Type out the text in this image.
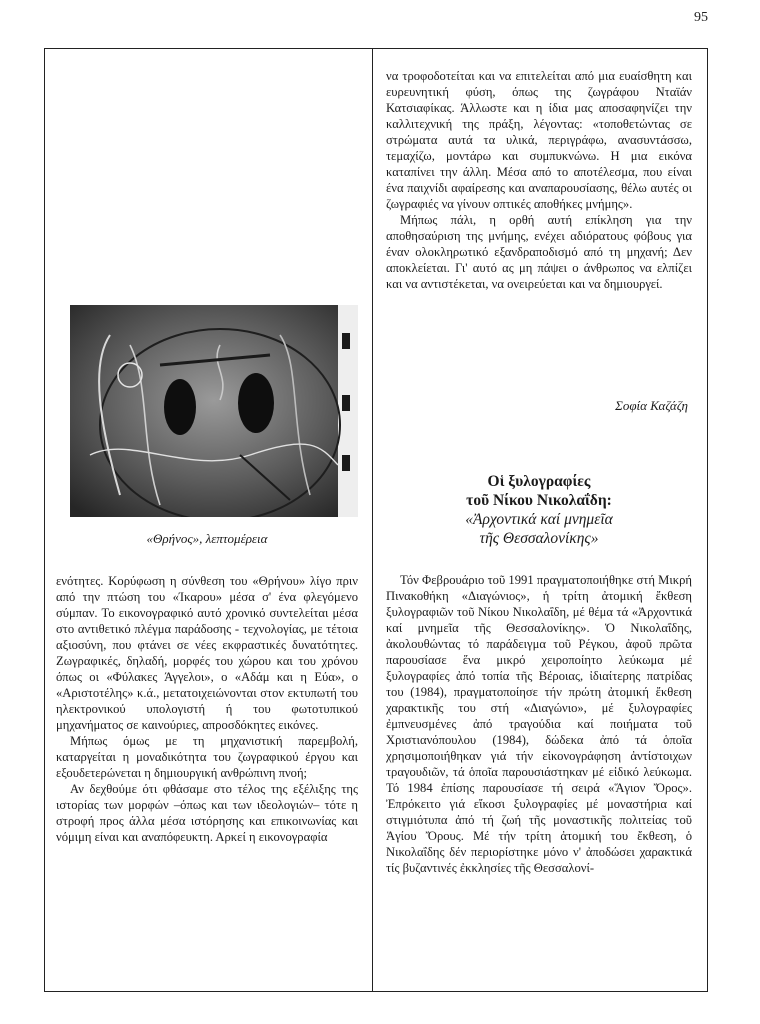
95
«Θρήνος», λεπτομέρεια

ενότητες. Κορύφωση η σύνθεση του «Θρήνου» λίγο πριν από την πτώση του «Ίκαρου» μέσα σ' ένα φλεγόμενο σύμπαν. Το εικονογραφικό αυτό χρονικό συντελείται μέσα στο αντιθετικό πλέγμα παράδοσης - τεχνολογίας, με τέτοια αξιοσύνη, που φτάνει σε νέες εκφραστικές δυνατότητες. Ζωγραφικές, δηλαδή, μορφές του χώρου και του χρόνου όπως οι «Φύλακες Άγγελοι», ο «Αδάμ και η Εύα», ο «Αριστοτέλης» κ.ά., μετατοιχειώνονται στον εκτυπωτή του ηλεκτρονικού υπολογιστή ή του φωτοτυπικού μηχανήματος σε καινούριες, απροσδόκητες εικόνες.

Μήπως όμως με τη μηχανιστική παρεμβολή, καταργείται η μοναδικότητα του ζωγραφικού έργου και εξουδετερώνεται η δημιουργική ανθρώπινη πνοή;

Αν δεχθούμε ότι φθάσαμε στο τέλος της εξέλιξης της ιστορίας των μορφών –όπως και των ιδεολογιών– τότε η στροφή προς άλλα μέσα ιστόρησης και επικοινωνίας και νόμιμη είναι και αναπόφευκτη. Αρκεί η εικονογραφία

να τροφοδοτείται και να επιτελείται από μια ευαίσθητη και ευρευνητική φύση, όπως της ζωγράφου Νταϊάν Κατσιαφίκας. Άλλωστε και η ίδια μας αποσαφηνίζει την καλλιτεχνική της πράξη, λέγοντας: «τοποθετώντας σε στρώματα αυτά τα υλικά, περιγράφω, ανασυντάσσω, τεμαχίζω, μοντάρω και συμπυκνώνω. Η μια εικόνα καταπίνει την άλλη. Μέσα από το αποτέλεσμα, που είναι ένα παιχνίδι αφαίρεσης και αναπαρουσίασης, θέλω αυτές οι ζωγραφιές να γίνουν οπτικές αποθήκες μνήμης».

Μήπως πάλι, η ορθή αυτή επίκληση για την αποθησαύριση της μνήμης, ενέχει αδιόρατους φόβους για έναν ολοκληρωτικό εξανδραποδισμό από τη μηχανή; Δεν αποκλείεται. Γι' αυτό ας μη πάψει ο άνθρωπος να ελπίζει και να αντιστέκεται, να ονειρεύεται και να δημιουργεί.

Σοφία Καζάζη
Οἱ ξυλογραφίες
τοῦ Νίκου Νικολαΐδη:
«Ἀρχοντικά καί μνημεῖα
τῆς Θεσσαλονίκης»

Τόν Φεβρουάριο τοῦ 1991 πραγματοποιήθηκε στή Μικρή Πινακοθήκη «Διαγώνιος», ἡ τρίτη ἀτομική ἔκθεση ξυλογραφιῶν τοῦ Νίκου Νικολαΐδη, μέ θέμα τά «Ἀρχοντικά καί μνημεῖα τῆς Θεσσαλονίκης». Ὁ Νικολαΐδης, ἀκολουθώντας τό παράδειγμα τοῦ Ρέγκου, ἀφοῦ πρῶτα παρουσίασε ἕνα μικρό χειροποίητο λεύκωμα μέ ξυλογραφίες ἀπό τοπία τῆς Βέροιας, ἰδιαίτερης πατρίδας του (1984), πραγματοποίησε τήν πρώτη ἀτομική ἔκθεση χαρακτικῆς του στή «Διαγώνιο», μέ ξυλογραφίες ἐμπνευσμένες ἀπό τραγούδια καί ποιήματα τοῦ Χριστιανόπουλου (1984), δώδεκα ἀπό τά ὁποῖα χρησιμοποιήθηκαν γιά τήν εἰκονογράφηση ἀντίστοιχων τραγουδιῶν, τά ὁποῖα παρουσιάστηκαν μέ εἰδικό λεύκωμα. Τό 1984 ἐπίσης παρουσίασε τή σειρά «Ἅγιον Ὄρος». Ἐπρόκειτο γιά εἴκοσι ξυλογραφίες μέ μοναστήρια καί στιγμιότυπα ἀπό τή ζωή τῆς μοναστικῆς πολιτείας τοῦ Ἁγίου Ὄρους. Μέ τήν τρίτη ἀτομική του ἔκθεση, ὁ Νικολαΐδης δέν περιορίστηκε μόνο ν' ἀποδώσει χαρακτικά τίς βυζαντινές ἐκκλησίες τῆς Θεσσαλονί-
